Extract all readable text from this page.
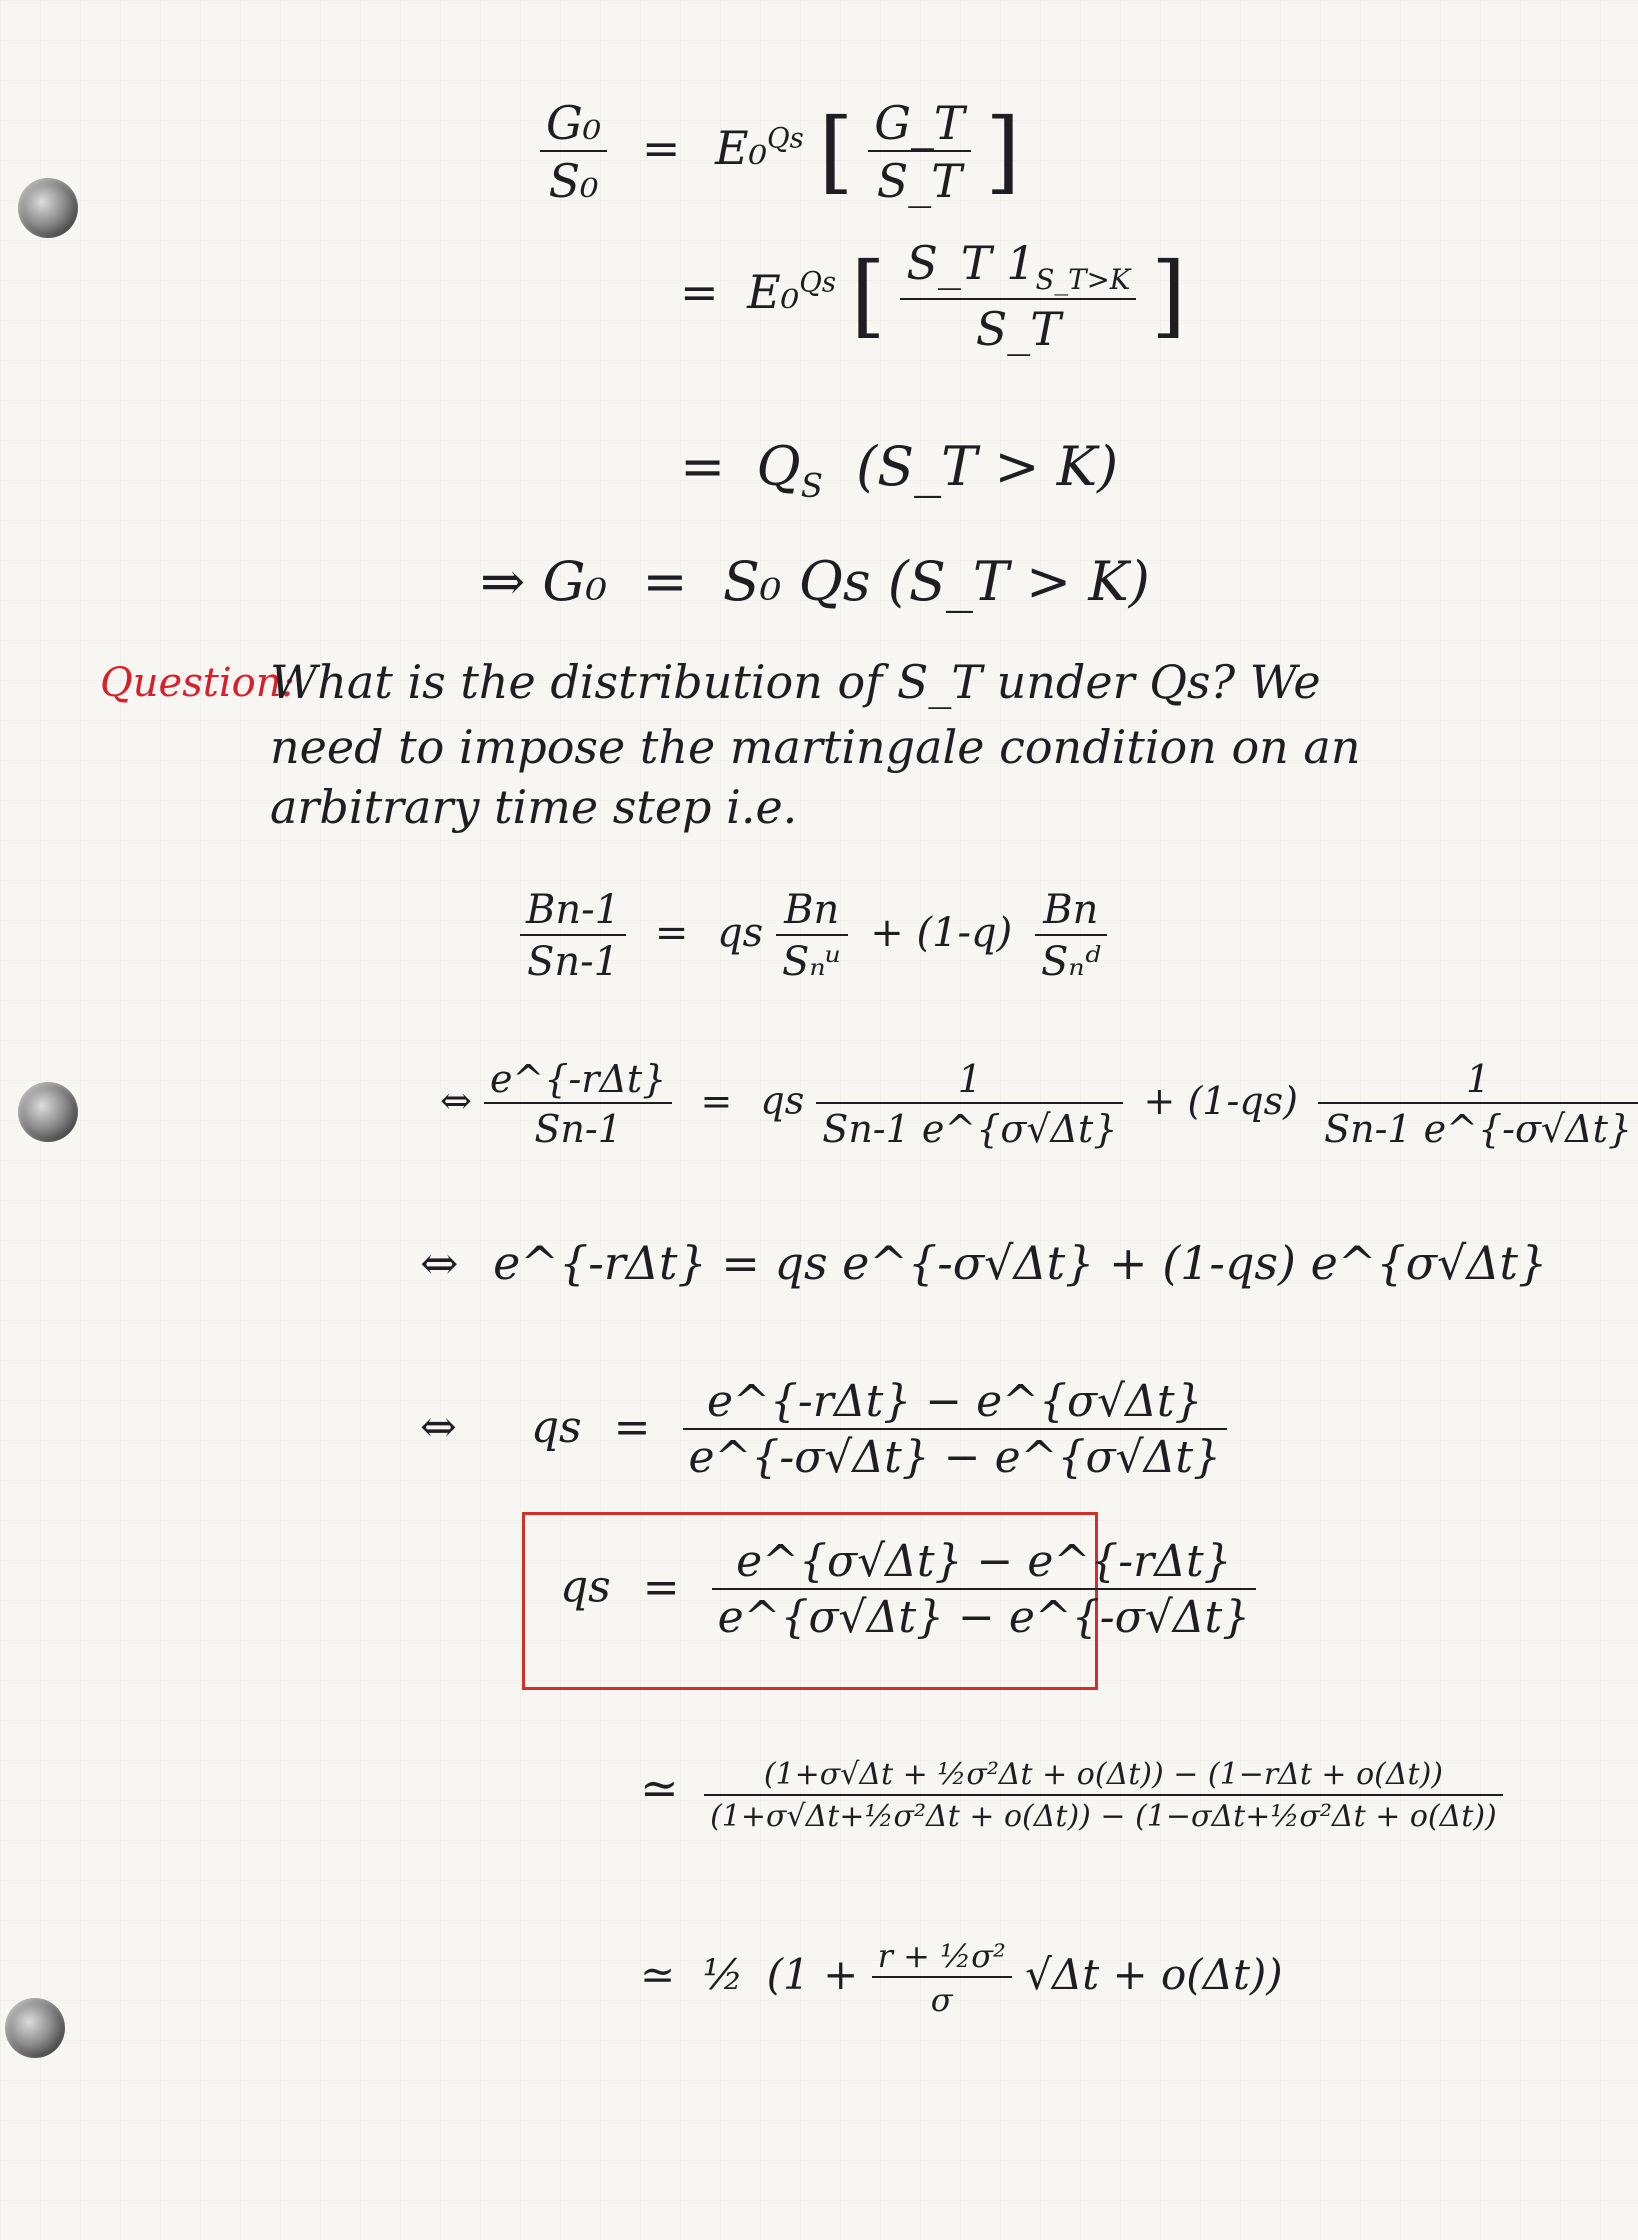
$\frac{\text{G₀}}{\text{S₀}} = E_0^{Qs}$ [ $\frac{G\_T}{S\_T}$ ]
= E₀$^{Qs}$ [ $\frac{S\_T 1_{S\_T>K}}{S\_T}$ ]
= $Q_S$ (S_T > K)
⇒ G₀ = S₀ Qs (S_T > K)
Question:
What is the distribution of S_T under Qs? We
need to impose the martingale condition on an
arbitrary time step i.e.
$\frac{Bn-1}{Sn-1}$ = qs $\frac{Bn}{\text{Sₙᵘ}} + (1-q) \frac{Bn}{\text{Sₙᵈ}}$
⇔ $\frac{\text{e\textasciicircum{}\{-rΔt\}}}{Sn-1}$ = qs $\frac{1}{Sn-1 e\^{}\{\sigma√\Delta t\}} + (1-qs) \frac{1}{Sn-1 e\^{}\{-\sigma√\Delta t\}}$
⇔ e^{-rΔt} = qs e^{-σ√Δt} + (1-qs) e^{σ√Δt}
⇔ qs = $\frac{\text{e\textasciicircum{}\{-rΔt\} − e\textasciicircum{}\{σ√Δt\}}}{e\^{}\{-\sigma√\Delta t\} - e\^{}\{\sigma√\Delta t\}}$
qs = $\frac{\text{e\textasciicircum{}\{σ√Δt\} − e\textasciicircum{}\{-rΔt\}}}{e\^{}\{\sigma√\Delta t\} - e\^{}\{-\sigma√\Delta t\}}$
≃ $\frac{\text{(1+σ√Δt + ½σ²Δt + o(Δt)) − (1−rΔt + o(Δt))}}{\text{(1+σ√Δt+½σ²Δt + o(Δt)) − (1−σΔt+½σ²Δt + o(Δt))}}$
≃ ½ $(1 + \frac{\text{r + ½σ²}}{\sigma} √\Delta t + o(\Delta t))$
